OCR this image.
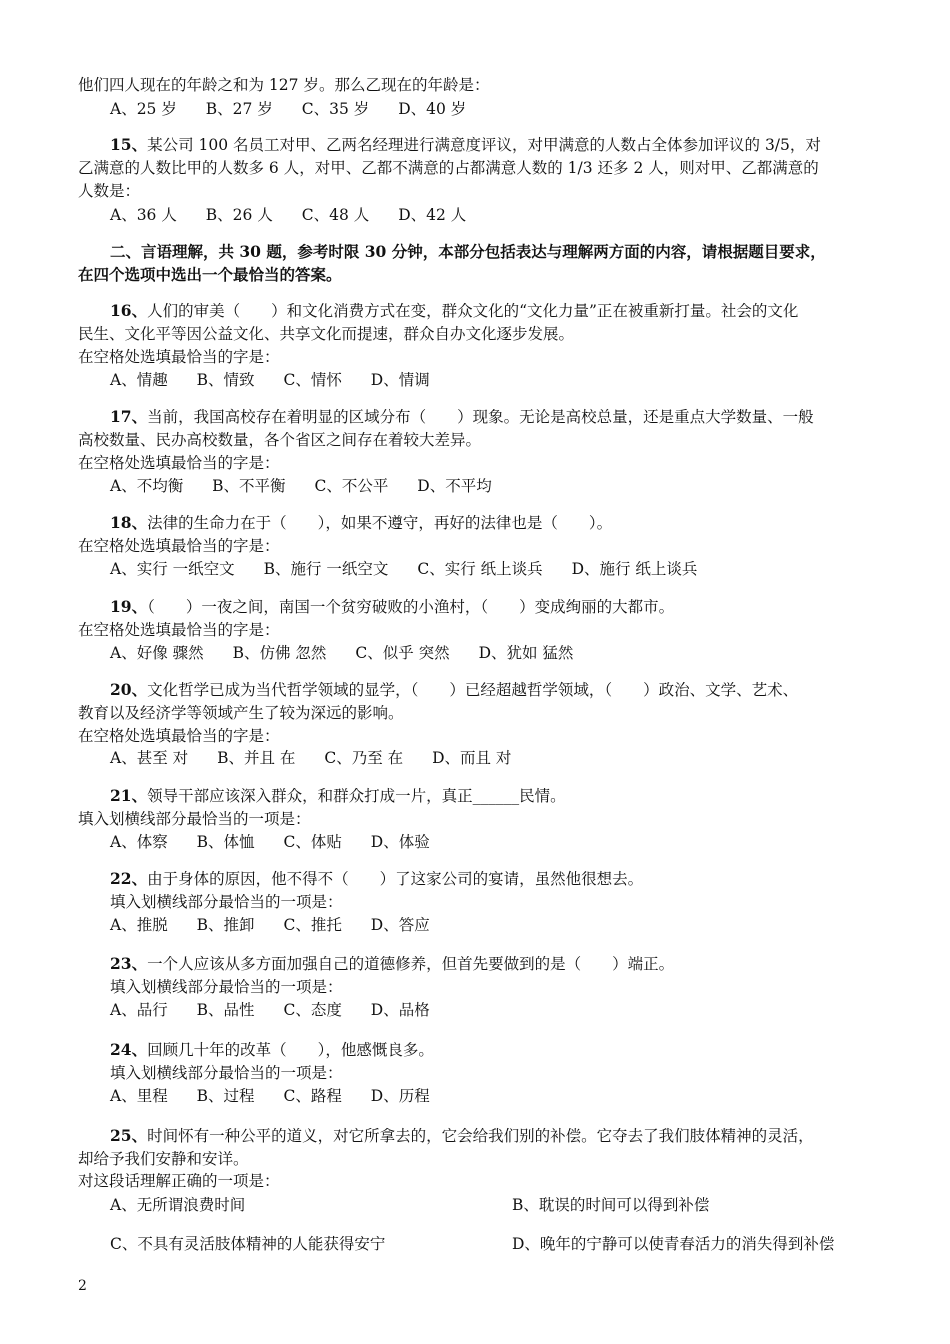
他们四人现在的年龄之和为 127 岁。那么乙现在的年龄是：
A、25 岁 B、27 岁 C、35 岁 D、40 岁
15、某公司 100 名员工对甲、乙两名经理进行满意度评议，对甲满意的人数占全体参加评议的 3/5，对
乙满意的人数比甲的人数多 6 人，对甲、乙都不满意的占都满意人数的 1/3 还多 2 人，则对甲、乙都满意的
人数是：
A、36 人 B、26 人 C、48 人 D、42 人
二、言语理解，共 30 题，参考时限 30 分钟，本部分包括表达与理解两方面的内容，请根据题目要求，
在四个选项中选出一个最恰当的答案。
16、人们的审美（　　）和文化消费方式在变，群众文化的“文化力量”正在被重新打量。社会的文化
民生、文化平等因公益文化、共享文化而提速，群众自办文化逐步发展。
在空格处选填最恰当的字是：
A、情趣 B、情致 C、情怀 D、情调
17、当前，我国高校存在着明显的区域分布（　　）现象。无论是高校总量，还是重点大学数量、一般
高校数量、民办高校数量，各个省区之间存在着较大差异。
在空格处选填最恰当的字是：
A、不均衡 B、不平衡 C、不公平 D、不平均
18、法律的生命力在于（　　），如果不遵守，再好的法律也是（　　）。
在空格处选填最恰当的字是：
A、实行 一纸空文 B、施行 一纸空文 C、实行 纸上谈兵 D、施行 纸上谈兵
19、（　　）一夜之间，南国一个贫穷破败的小渔村，（　　）变成绚丽的大都市。
在空格处选填最恰当的字是：
A、好像 骤然 B、仿佛 忽然 C、似乎 突然 D、犹如 猛然
20、文化哲学已成为当代哲学领域的显学，（　　）已经超越哲学领域，（　　）政治、文学、艺术、
教育以及经济学等领域产生了较为深远的影响。
在空格处选填最恰当的字是：
A、甚至 对 B、并且 在 C、乃至 在 D、而且 对
21、领导干部应该深入群众，和群众打成一片，真正______民情。
填入划横线部分最恰当的一项是：
A、体察 B、体恤 C、体贴 D、体验
22、由于身体的原因，他不得不（　　）了这家公司的宴请，虽然他很想去。
填入划横线部分最恰当的一项是：
A、推脱 B、推卸 C、推托 D、答应
23、一个人应该从多方面加强自己的道德修养，但首先要做到的是（　　）端正。
填入划横线部分最恰当的一项是：
A、品行 B、品性 C、态度 D、品格
24、回顾几十年的改革（　　），他感慨良多。
填入划横线部分最恰当的一项是：
A、里程 B、过程 C、路程 D、历程
25、时间怀有一种公平的道义，对它所拿去的，它会给我们别的补偿。它夺去了我们肢体精神的灵活，
却给予我们安静和安详。
对这段话理解正确的一项是：
A、无所谓浪费时间	B、耽误的时间可以得到补偿
C、不具有灵活肢体精神的人能获得安宁	D、晚年的宁静可以使青春活力的消失得到补偿
2
